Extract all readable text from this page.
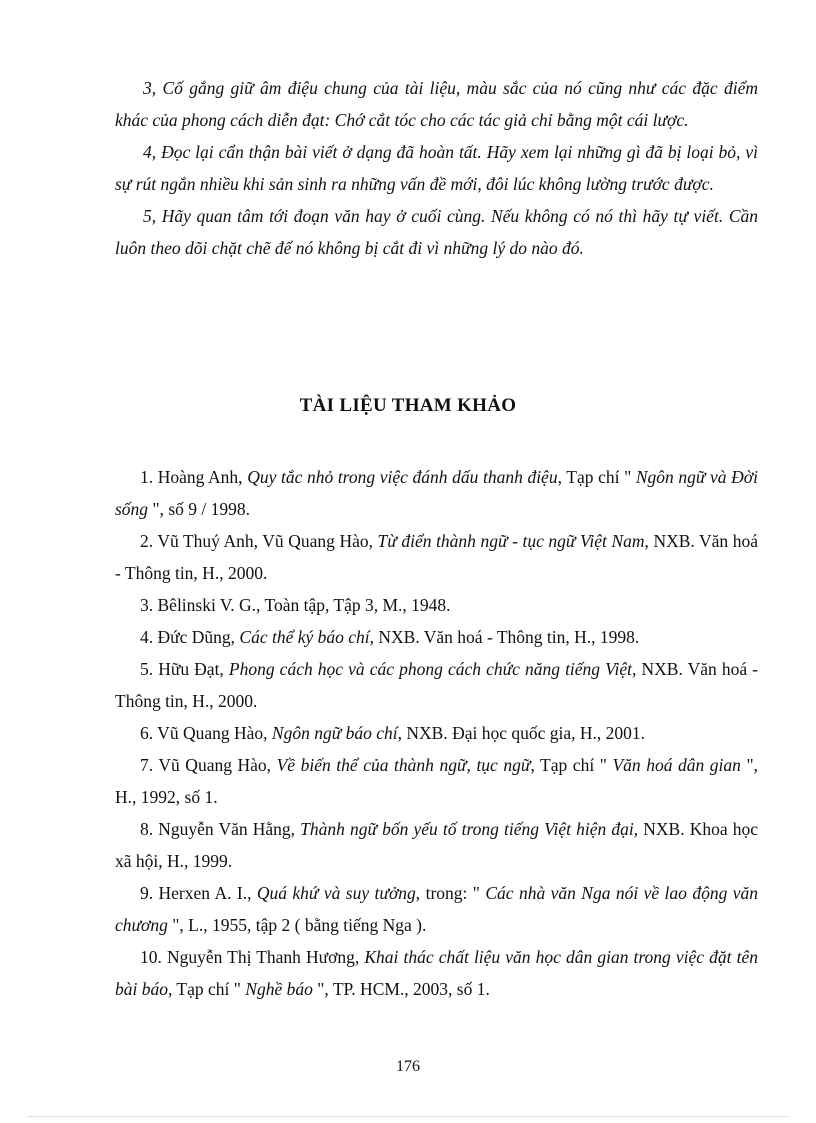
3, Cố gắng giữ âm điệu chung của tài liệu, màu sắc của nó cũng như các đặc điểm khác của phong cách diễn đạt: Chớ cắt tóc cho các tác giả chỉ bằng một cái lược.

4, Đọc lại cẩn thận bài viết ở dạng đã hoàn tất. Hãy xem lại những gì đã bị loại bỏ, vì sự rút ngắn nhiều khi sản sinh ra những vấn đề mới, đôi lúc không lường trước được.

5, Hãy quan tâm tới đoạn văn hay ở cuối cùng. Nếu không có nó thì hãy tự viết. Cần luôn theo dõi chặt chẽ để nó không bị cắt đi vì những lý do nào đó.

TÀI LIỆU THAM KHẢO

1. Hoàng Anh, Quy tắc nhỏ trong việc đánh dấu thanh điệu, Tạp chí " Ngôn ngữ và Đời sống ", số 9 / 1998.

2. Vũ Thuý Anh, Vũ Quang Hào, Từ điển thành ngữ - tục ngữ Việt Nam, NXB. Văn hoá - Thông tin, H., 2000.

3. Bêlinski V. G., Toàn tập, Tập 3, M., 1948.

4. Đức Dũng, Các thể ký báo chí, NXB. Văn hoá - Thông tin, H., 1998.

5. Hữu Đạt, Phong cách học và các phong cách chức năng tiếng Việt, NXB. Văn hoá - Thông tin, H., 2000.

6. Vũ Quang Hào, Ngôn ngữ báo chí, NXB. Đại học quốc gia, H., 2001.

7. Vũ Quang Hào, Về biến thể của thành ngữ, tục ngữ, Tạp chí " Văn hoá dân gian ", H., 1992, số 1.

8. Nguyễn Văn Hằng, Thành ngữ bốn yếu tố trong tiếng Việt hiện đại, NXB. Khoa học xã hội, H., 1999.

9. Herxen A. I., Quá khứ và suy tưởng, trong: " Các nhà văn Nga nói về lao động văn chương ", L., 1955, tập 2 ( bằng tiếng Nga ).

10. Nguyễn Thị Thanh Hương, Khai thác chất liệu văn học dân gian trong việc đặt tên bài báo, Tạp chí " Nghề báo ", TP. HCM., 2003, số 1.

176
